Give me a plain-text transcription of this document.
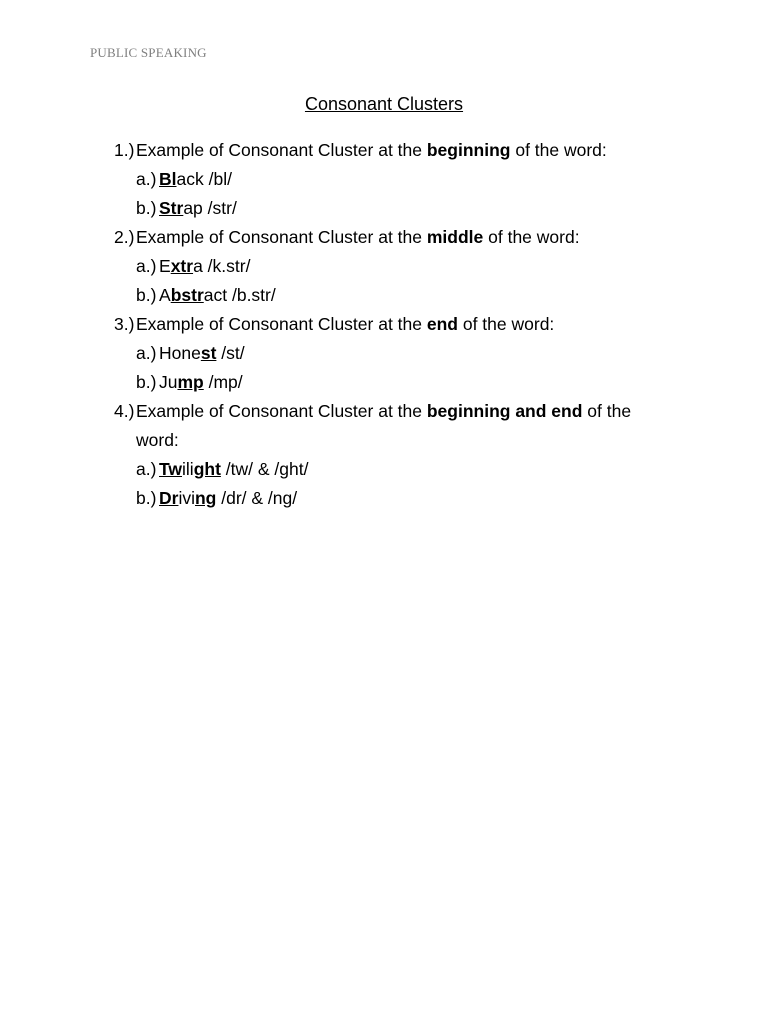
PUBLIC SPEAKING
Consonant Clusters
1.) Example of Consonant Cluster at the beginning of the word:
a.) Black /bl/
b.) Strap /str/
2.) Example of Consonant Cluster at the middle of the word:
a.) Extra /k.str/
b.) Abstract /b.str/
3.) Example of Consonant Cluster at the end of the word:
a.) Honest /st/
b.) Jump /mp/
4.) Example of Consonant Cluster at the beginning and end of the word:
a.) Twilight /tw/ & /ght/
b.) Driving /dr/ & /ng/
